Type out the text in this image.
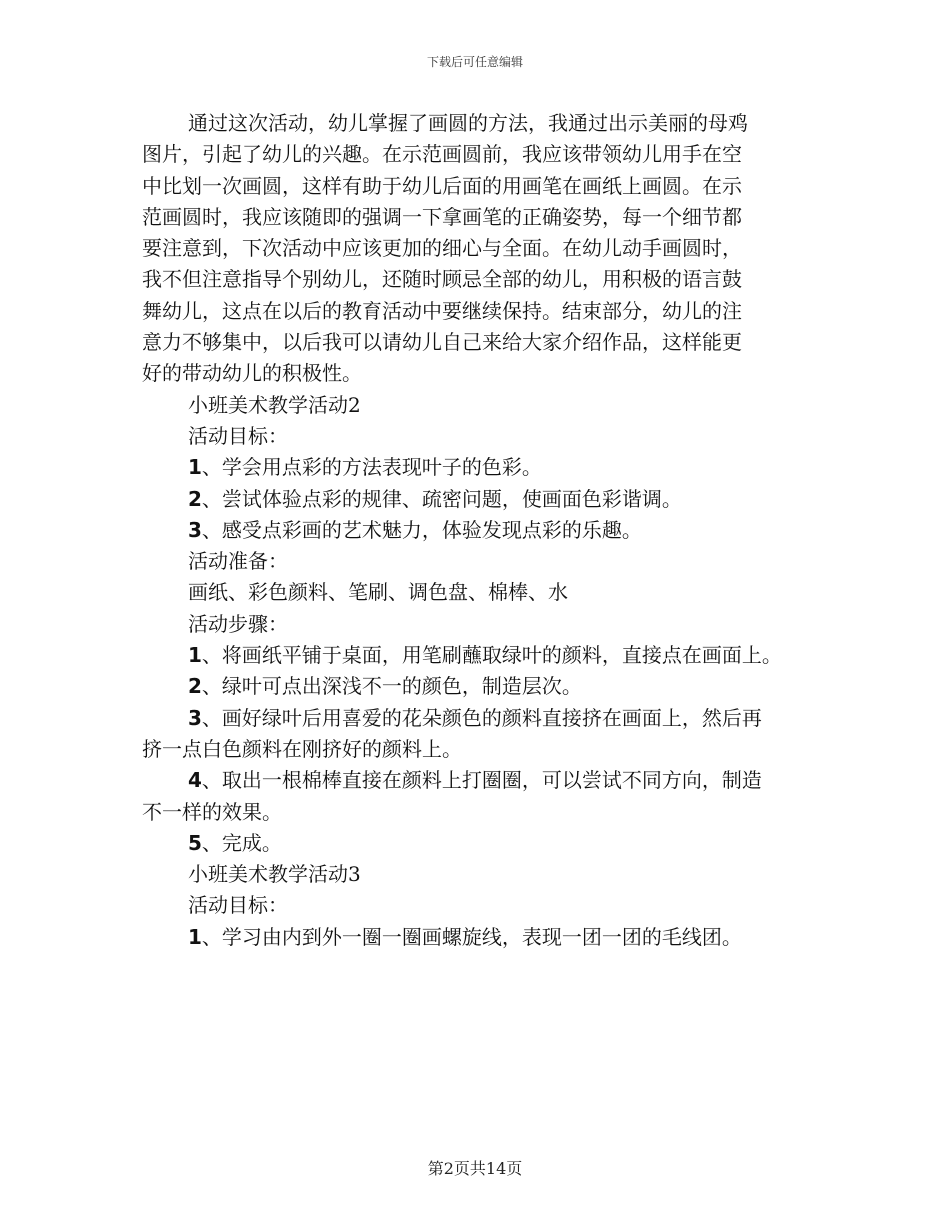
下载后可任意编辑

通过这次活动，幼儿掌握了画圆的方法，我通过出示美丽的母鸡

图片，引起了幼儿的兴趣。在示范画圆前，我应该带领幼儿用手在空

中比划一次画圆，这样有助于幼儿后面的用画笔在画纸上画圆。在示

范画圆时，我应该随即的强调一下拿画笔的正确姿势，每一个细节都

要注意到，下次活动中应该更加的细心与全面。在幼儿动手画圆时，

我不但注意指导个别幼儿，还随时顾忌全部的幼儿，用积极的语言鼓

舞幼儿，这点在以后的教育活动中要继续保持。结束部分，幼儿的注

意力不够集中，以后我可以请幼儿自己来给大家介绍作品，这样能更

好的带动幼儿的积极性。

小班美术教学活动2

活动目标：

1、学会用点彩的方法表现叶子的色彩。

2、尝试体验点彩的规律、疏密问题，使画面色彩谐调。

3、感受点彩画的艺术魅力，体验发现点彩的乐趣。

活动准备：

画纸、彩色颜料、笔刷、调色盘、棉棒、水

活动步骤：

1、将画纸平铺于桌面，用笔刷蘸取绿叶的颜料，直接点在画面上。

2、绿叶可点出深浅不一的颜色，制造层次。

3、画好绿叶后用喜爱的花朵颜色的颜料直接挤在画面上，然后再

挤一点白色颜料在刚挤好的颜料上。

4、取出一根棉棒直接在颜料上打圈圈，可以尝试不同方向，制造

不一样的效果。

5、完成。

小班美术教学活动3

活动目标：

1、学习由内到外一圈一圈画螺旋线，表现一团一团的毛线团。

第2页共14页
